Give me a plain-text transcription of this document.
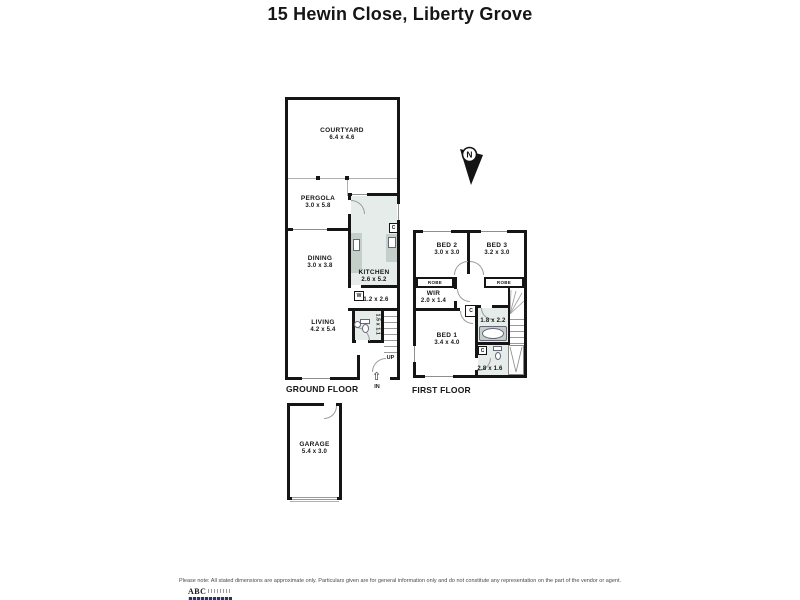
15 Hewin Close, Liberty Grove
COURTYARD
6.4 x 4.6
PERGOLA
3.0 x 5.8
DINING
3.0 x 3.8
C
KITCHEN
2.6 x 5.2
W
1.2 x 2.6
1.5 x 1.1
UP
LIVING
4.2 x 5.4
⇧
IN
GROUND FLOOR
GARAGE
5.4 x 3.0
BED 2
3.0 x 3.0
BED 3
3.2 x 3.0
ROBE	ROBE
WIR
2.0 x 1.4
C
1.8 x 2.2
C
2.8 x 1.6
BED 1
3.4 x 4.0
FIRST FLOOR
N
Please note: All stated dimensions are approximate only. Particulars given are for general information only and do not constitute any representation on the part of the vendor or agent.
ABC
